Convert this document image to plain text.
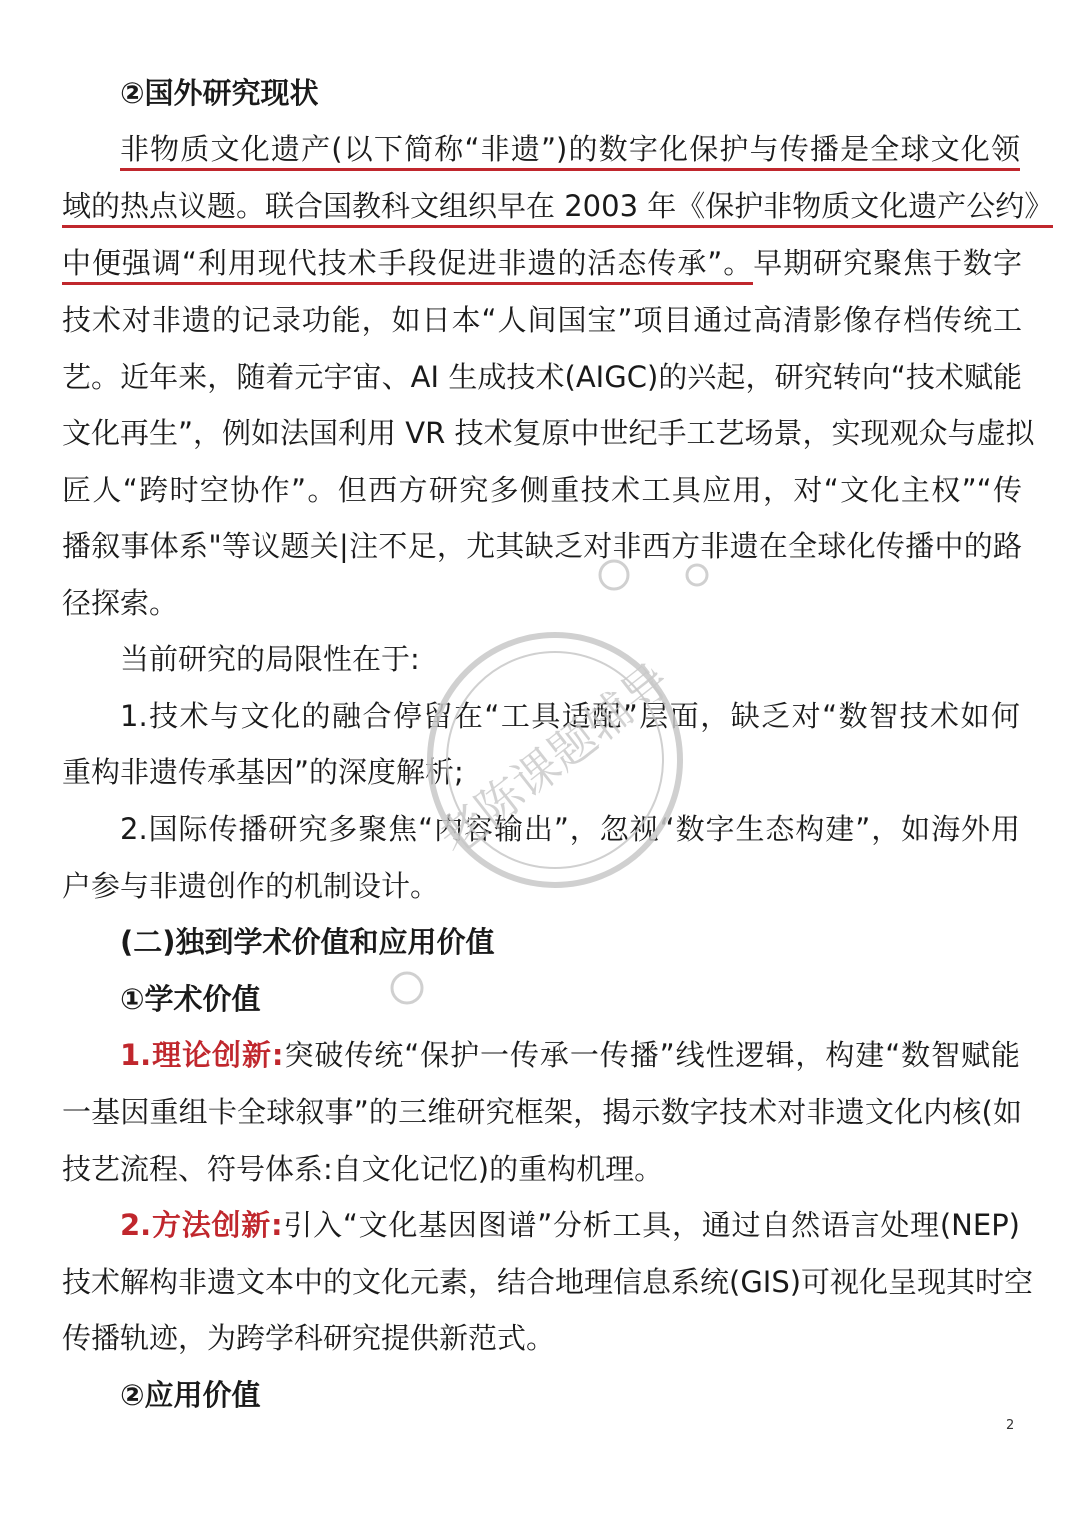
②国外研究现状
非物质文化遗产(以下简称“非遗”)的数字化保护与传播是全球文化领
域的热点议题。联合国教科文组织早在 2003 年《保护非物质文化遗产公约》
中便强调“利用现代技术手段促进非遗的活态传承”。早期研究聚焦于数字
技术对非遗的记录功能，如日本“人间国宝”项目通过高清影像存档传统工
艺。近年来，随着元宇宙、AI 生成技术(AIGC)的兴起，研究转向“技术赋能
文化再生”，例如法国利用 VR 技术复原中世纪手工艺场景，实现观众与虚拟
匠人“跨时空协作”。但西方研究多侧重技术工具应用，对“文化主权”“传
播叙事体系"等议题关|注不足，尤其缺乏对非西方非遗在全球化传播中的路
径探索。
当前研究的局限性在于:
1.技术与文化的融合停留在“工具适配”层面，缺乏对“数智技术如何
重构非遗传承基因”的深度解析;
2.国际传播研究多聚焦“内容输出”，忽视“数字生态构建”，如海外用
户参与非遗创作的机制设计。
(二)独到学术价值和应用价值
①学术价值
1.理论创新:突破传统“保护一传承一传播”线性逻辑，构建“数智赋能
一基因重组卡全球叙事”的三维研究框架，揭示数字技术对非遗文化内核(如
技艺流程、符号体系:自文化记忆)的重构机理。
2.方法创新:引入“文化基因图谱”分析工具，通过自然语言处理(NEP)
技术解构非遗文本中的文化元素，结合地理信息系统(GIS)可视化呈现其时空
传播轨迹，为跨学科研究提供新范式。
②应用价值
2
老陈课题辅导
